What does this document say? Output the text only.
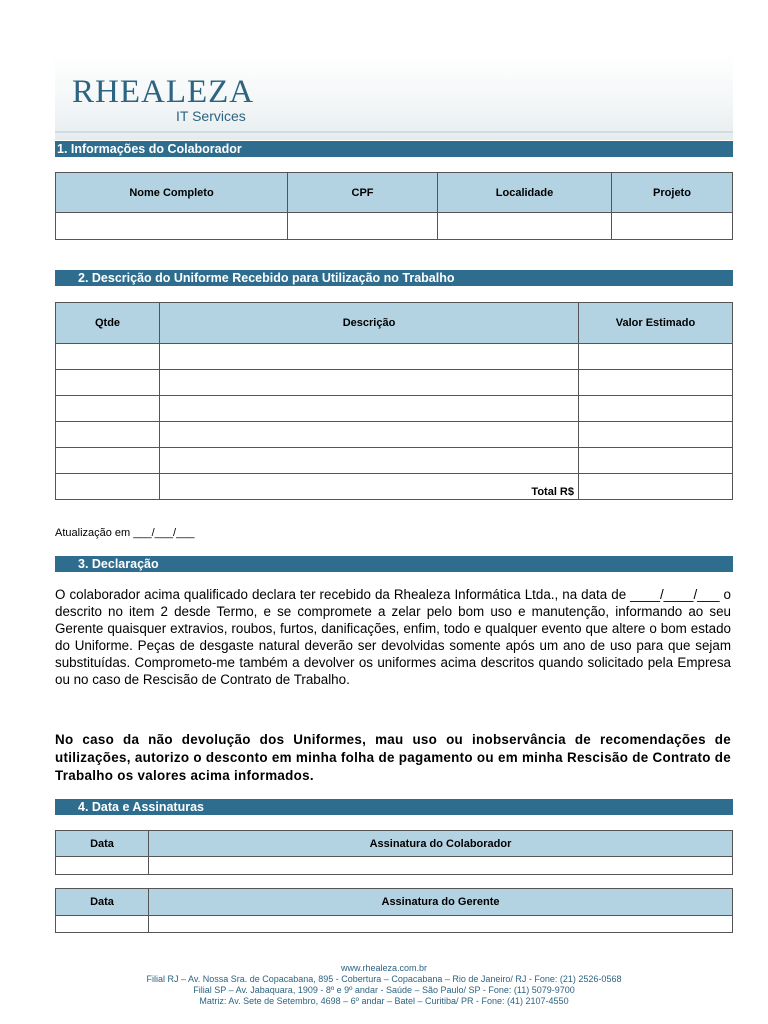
RHEALEZA
IT Services
1. Informações do Colaborador
Nome Completo	CPF	Localidade	Projeto

2. Descrição do Uniforme Recebido para Utilização no Trabalho
Qtde	Descrição	Valor Estimado

	Total R$	
Atualização em ___/___/___
3. Declaração
O colaborador acima qualificado declara ter recebido da Rhealeza Informática Ltda., na data de ____/____/___ o descrito no item 2 desde Termo, e se compromete a zelar pelo bom uso e manutenção, informando ao seu Gerente quaisquer extravios, roubos, furtos, danificações, enfim, todo e qualquer evento que altere o bom estado do Uniforme. Peças de desgaste natural deverão ser devolvidas somente após um ano de uso para que sejam substituídas. Comprometo-me também a devolver os uniformes acima descritos quando solicitado pela Empresa ou no caso de Rescisão de Contrato de Trabalho.
No caso da não devolução dos Uniformes, mau uso ou inobservância de recomendações de utilizações, autorizo o desconto em minha folha de pagamento ou em minha Rescisão de Contrato de Trabalho os valores acima informados.
4. Data e Assinaturas
Data	Assinatura do Colaborador

Data	Assinatura do Gerente

www.rhealeza.com.br
Filial RJ – Av. Nossa Sra. de Copacabana, 895 - Cobertura – Copacabana – Rio de Janeiro/ RJ - Fone: (21) 2526-0568
Filial SP – Av. Jabaquara, 1909 - 8º e 9º andar - Saúde – São Paulo/ SP - Fone: (11) 5079-9700
Matriz: Av. Sete de Setembro, 4698 – 6º andar – Batel – Curitiba/ PR - Fone: (41) 2107-4550
